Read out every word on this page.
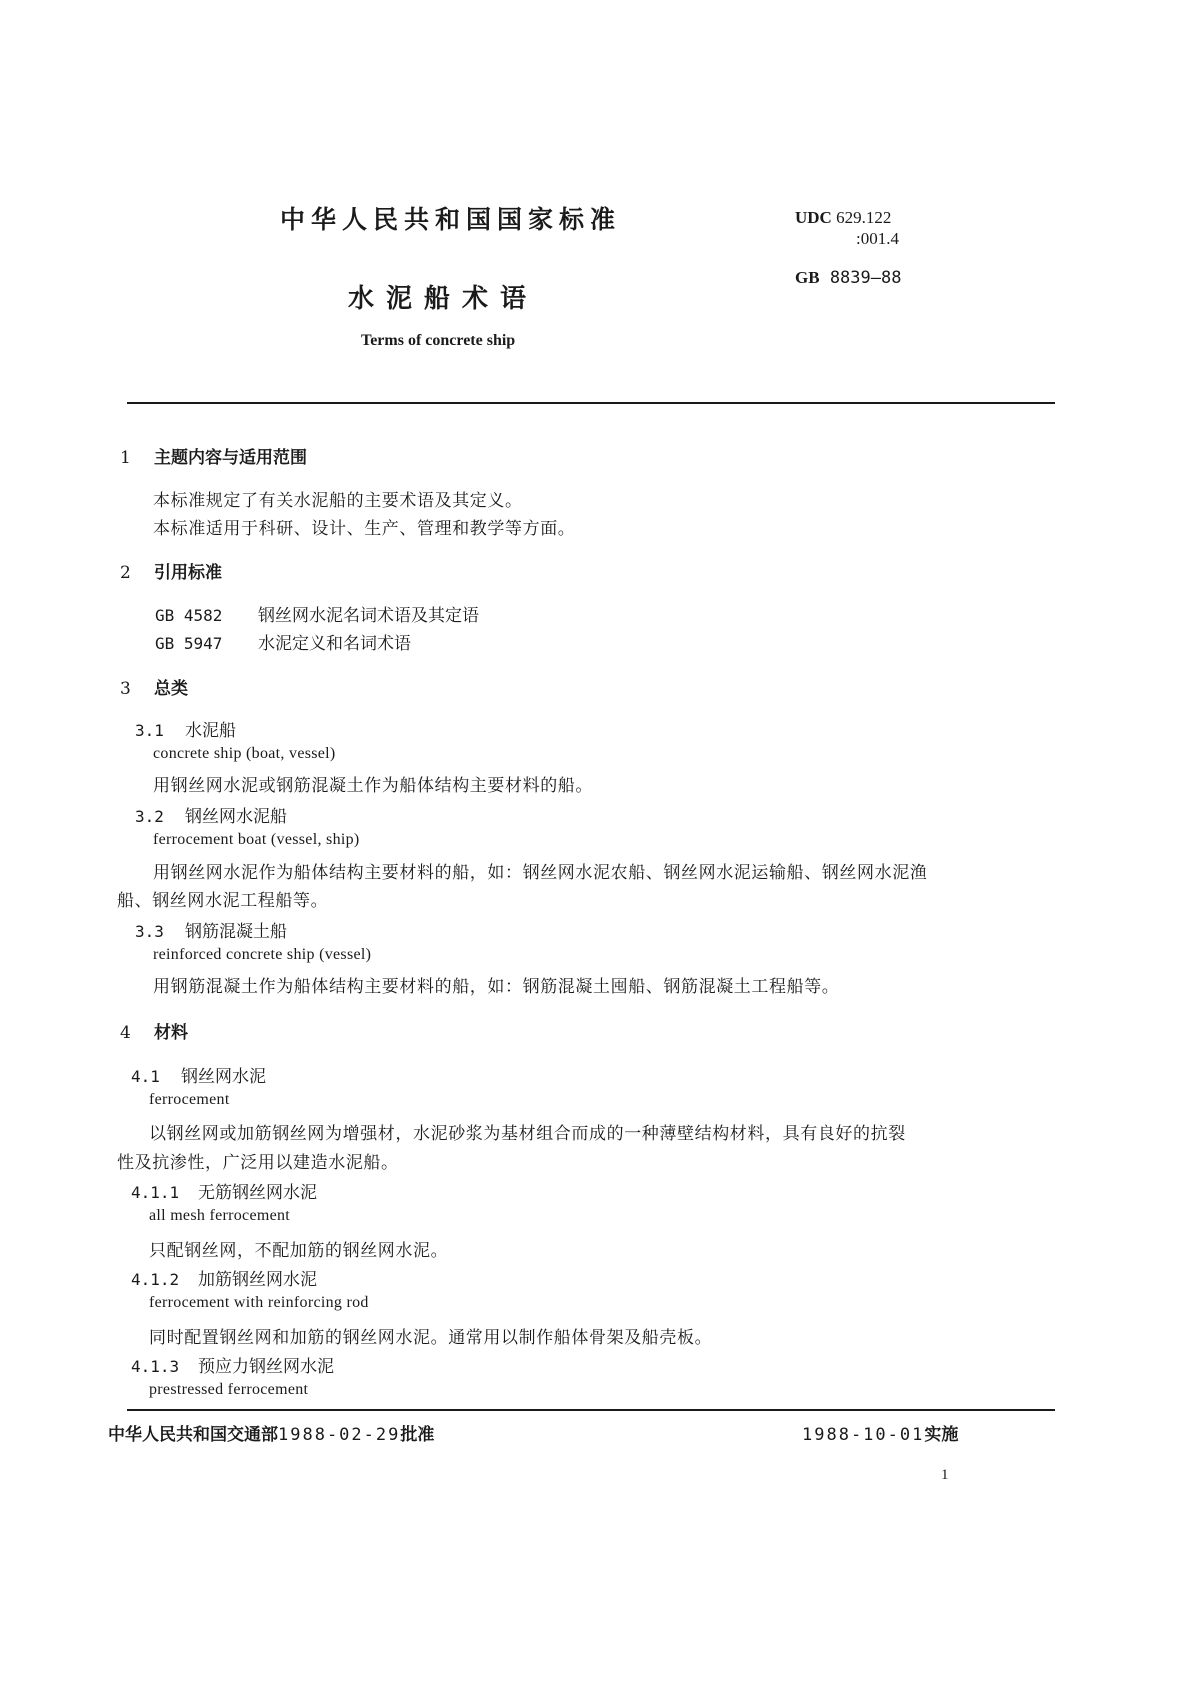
中华人民共和国国家标准
水泥船术语
Terms of concrete ship
UDC 629.122
:001.4
GB 8839—88
1 主题内容与适用范围
本标准规定了有关水泥船的主要术语及其定义。
本标准适用于科研、设计、生产、管理和教学等方面。
2 引用标准
GB 4582 钢丝网水泥名词术语及其定语
GB 5947 水泥定义和名词术语
3 总类
3.1 水泥船
concrete ship (boat, vessel)
用钢丝网水泥或钢筋混凝土作为船体结构主要材料的船。
3.2 钢丝网水泥船
ferrocement boat (vessel, ship)
用钢丝网水泥作为船体结构主要材料的船，如：钢丝网水泥农船、钢丝网水泥运输船、钢丝网水泥渔
船、钢丝网水泥工程船等。
3.3 钢筋混凝土船
reinforced concrete ship (vessel)
用钢筋混凝土作为船体结构主要材料的船，如：钢筋混凝土囤船、钢筋混凝土工程船等。
4 材料
4.1 钢丝网水泥
ferrocement
以钢丝网或加筋钢丝网为增强材，水泥砂浆为基材组合而成的一种薄壁结构材料，具有良好的抗裂
性及抗渗性，广泛用以建造水泥船。
4.1.1 无筋钢丝网水泥
all mesh ferrocement
只配钢丝网，不配加筋的钢丝网水泥。
4.1.2 加筋钢丝网水泥
ferrocement with reinforcing rod
同时配置钢丝网和加筋的钢丝网水泥。通常用以制作船体骨架及船壳板。
4.1.3 预应力钢丝网水泥
prestressed ferrocement
中华人民共和国交通部1988-02-29批准	1988-10-01实施
1
